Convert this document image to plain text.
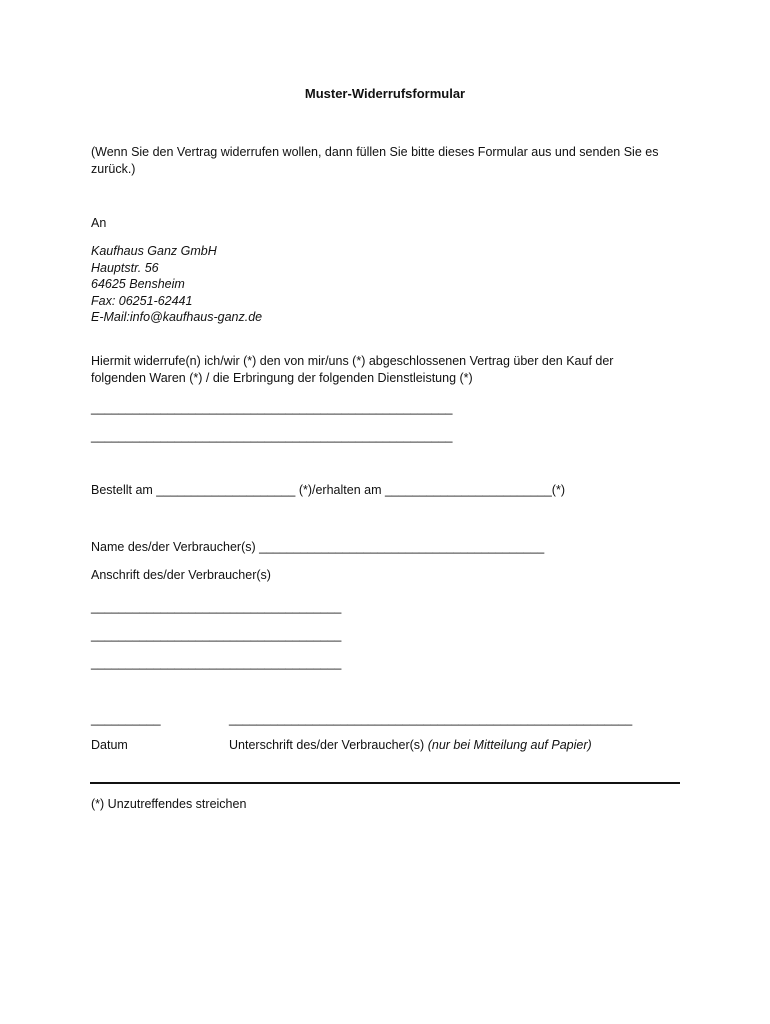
Muster-Widerrufsformular
(Wenn Sie den Vertrag widerrufen wollen, dann füllen Sie bitte dieses Formular aus und senden Sie es zurück.)
An
Kaufhaus Ganz GmbH
Hauptstr. 56
64625 Bensheim
Fax: 06251-62441
E-Mail:info@kaufhaus-ganz.de
Hiermit widerrufe(n) ich/wir (*) den von mir/uns (*) abgeschlossenen Vertrag über den Kauf der folgenden Waren (*) / die Erbringung der folgenden Dienstleistung (*)
____________________________________________________
____________________________________________________
Bestellt am ____________________ (*)/erhalten am ________________________(*)
Name des/der Verbraucher(s) _________________________________________
Anschrift des/der Verbraucher(s)
____________________________________
____________________________________
____________________________________
__________	__________________________________________________________
Datum	Unterschrift des/der Verbraucher(s) (nur bei Mitteilung auf Papier)
(*) Unzutreffendes streichen
